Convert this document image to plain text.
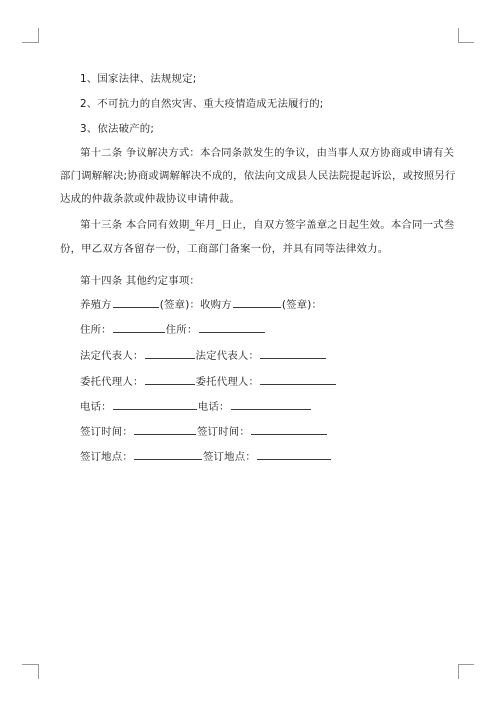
1、国家法律、法规规定;
2、不可抗力的自然灾害、重大疫情造成无法履行的;
3、依法破产的;
第十二条 争议解决方式：本合同条款发生的争议，由当事人双方协商或申请有关
部门调解解决;协商或调解解决不成的，依法向文成县人民法院提起诉讼，或按照另行
达成的仲裁条款或仲裁协议申请仲裁。
第十三条 本合同有效期_年月_日止，自双方签字盖章之日起生效。本合同一式叁
份，甲乙双方各留存一份，工商部门备案一份，并具有同等法律效力。
第十四条 其他约定事项：
养殖方	(签章)：收购方	(签章)：
住所：	住所：
法定代表人：	法定代表人：
委托代理人：	委托代理人：
电话：	电话：
签订时间：	签订时间：
签订地点：	签订地点：
